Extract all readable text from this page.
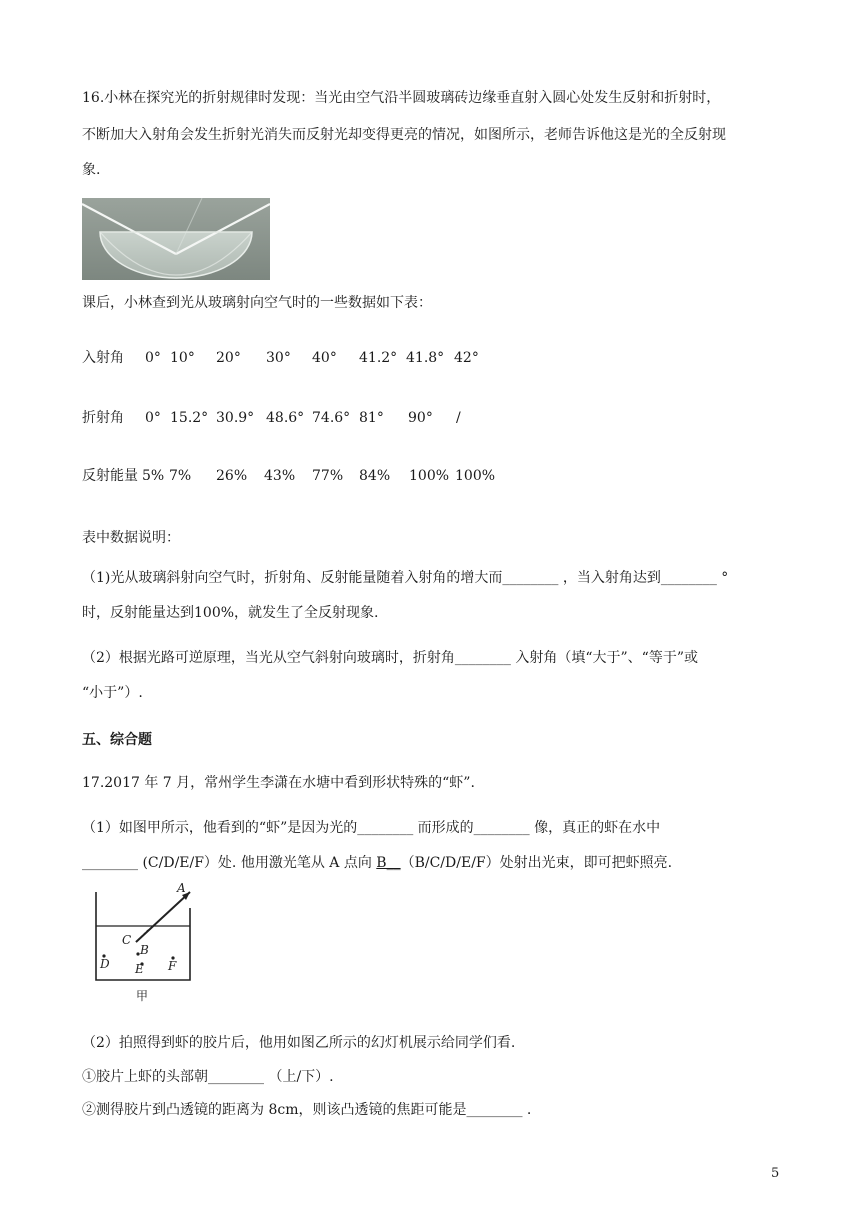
16.小林在探究光的折射规律时发现：当光由空气沿半圆玻璃砖边缘垂直射入圆心处发生反射和折射时，
不断加大入射角会发生折射光消失而反射光却变得更亮的情况，如图所示，老师告诉他这是光的全反射现
象.
课后，小林查到光从玻璃射向空气时的一些数据如下表：
入射角 0° 10° 20° 30° 40° 41.2° 41.8° 42°
折射角 0° 15.2° 30.9° 48.6° 74.6° 81° 90° /
反射能量 5% 7% 26% 43% 77% 84% 100% 100%
表中数据说明：
（1)光从玻璃斜射向空气时，折射角、反射能量随着入射角的增大而________ ，当入射角达到________ °
时，反射能量达到100%，就发生了全反射现象.
（2）根据光路可逆原理，当光从空气斜射向玻璃时，折射角________ 入射角（填“大于”、“等于”或
“小于”）.
五、综合题
17.2017 年 7 月，常州学生李潇在水塘中看到形状特殊的“虾”.
（1）如图甲所示，他看到的“虾”是因为光的________ 而形成的________ 像，真正的虾在水中
________ (C/D/E/F）处. 他用激光笔从 A 点向 B__（B/C/D/E/F）处射出光束，即可把虾照亮.
A
C
B
D E F
甲
（2）拍照得到虾的胶片后，他用如图乙所示的幻灯机展示给同学们看.
①胶片上虾的头部朝________ （上/下）.
②测得胶片到凸透镜的距离为 8cm，则该凸透镜的焦距可能是________ .
5
